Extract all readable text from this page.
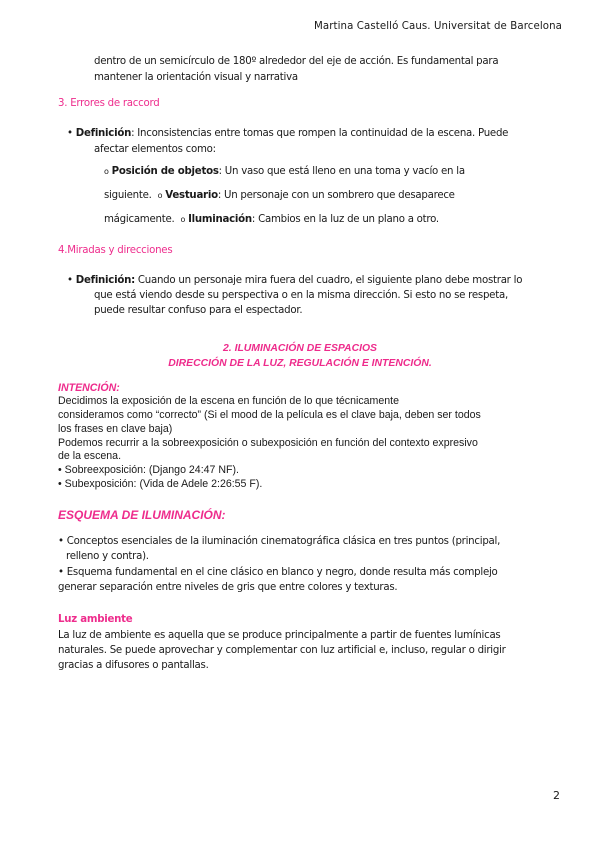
Martina Castelló Caus. Universitat de Barcelona
dentro de un semicírculo de 180º alrededor del eje de acción. Es fundamental para
mantener la orientación visual y narrativa
3. Errores de raccord
• Definición: Inconsistencias entre tomas que rompen la continuidad de la escena. Puede
afectar elementos como:
o Posición de objetos: Un vaso que está lleno en una toma y vacío en la
siguiente. o Vestuario: Un personaje con un sombrero que desaparece
mágicamente. o Iluminación: Cambios en la luz de un plano a otro.
4.Miradas y direcciones
• Definición: Cuando un personaje mira fuera del cuadro, el siguiente plano debe mostrar lo
que está viendo desde su perspectiva o en la misma dirección. Si esto no se respeta,
puede resultar confuso para el espectador.
2. ILUMINACIÓN DE ESPACIOS
DIRECCIÓN DE LA LUZ, REGULACIÓN E INTENCIÓN.
INTENCIÓN:
Decidimos la exposición de la escena en función de lo que técnicamente
consideramos como “correcto” (Si el mood de la película es el clave baja, deben ser todos
los frases en clave baja)
Podemos recurrir a la sobreexposición o subexposición en función del contexto expresivo
de la escena.
• Sobreexposición: (Django 24:47 NF).
• Subexposición: (Vida de Adele 2:26:55 F).
ESQUEMA DE ILUMINACIÓN:
• Conceptos esenciales de la iluminación cinematográfica clásica en tres puntos (principal,
relleno y contra).
• Esquema fundamental en el cine clásico en blanco y negro, donde resulta más complejo
generar separación entre niveles de gris que entre colores y texturas.
Luz ambiente
La luz de ambiente es aquella que se produce principalmente a partir de fuentes lumínicas
naturales. Se puede aprovechar y complementar con luz artificial e, incluso, regular o dirigir
gracias a difusores o pantallas.
2
